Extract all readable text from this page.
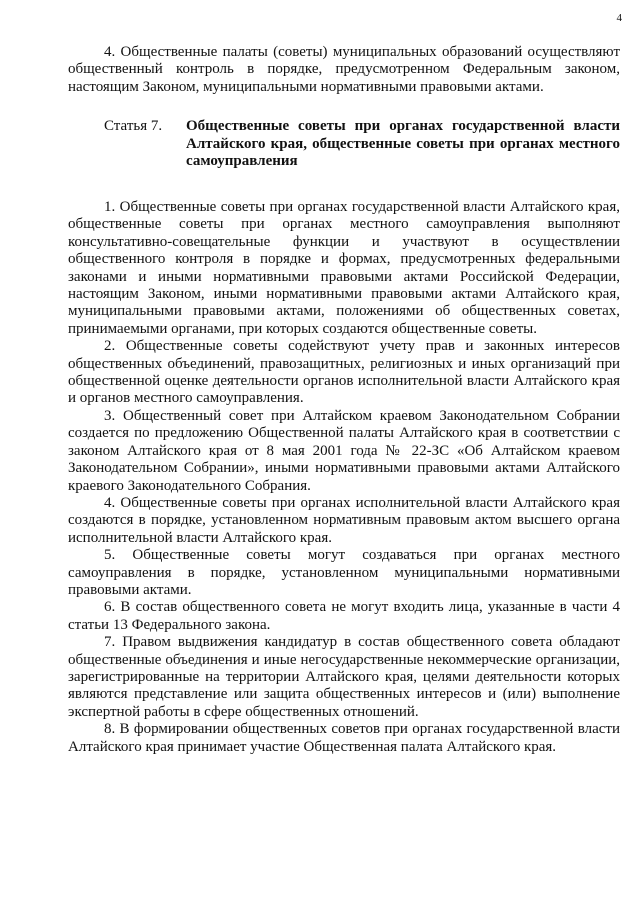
4

4. Общественные палаты (советы) муниципальных образований осуществляют общественный контроль в порядке, предусмотренном Федеральным законом, настоящим Законом, муниципальными нормативными правовыми актами.

Статья 7.	Общественные советы при органах государственной власти Алтайского края, общественные советы при органах местного самоуправления

1. Общественные советы при органах государственной власти Алтайского края, общественные советы при органах местного самоуправления выполняют консультативно-совещательные функции и участвуют в осуществлении общественного контроля в порядке и формах, предусмотренных федеральными законами и иными нормативными правовыми актами Российской Федерации, настоящим Законом, иными нормативными правовыми актами Алтайского края, муниципальными правовыми актами, положениями об общественных советах, принимаемыми органами, при которых создаются общественные советы.

2. Общественные советы содействуют учету прав и законных интересов общественных объединений, правозащитных, религиозных и иных организаций при общественной оценке деятельности органов исполнительной власти Алтайского края и органов местного самоуправления.

3. Общественный совет при Алтайском краевом Законодательном Собрании создается по предложению Общественной палаты Алтайского края в соответствии с законом Алтайского края от 8 мая 2001 года № 22-ЗС «Об Алтайском краевом Законодательном Собрании», иными нормативными правовыми актами Алтайского краевого Законодательного Собрания.

4. Общественные советы при органах исполнительной власти Алтайского края создаются в порядке, установленном нормативным правовым актом высшего органа исполнительной власти Алтайского края.

5. Общественные советы могут создаваться при органах местного самоуправления в порядке, установленном муниципальными нормативными правовыми актами.

6. В состав общественного совета не могут входить лица, указанные в части 4 статьи 13 Федерального закона.

7. Правом выдвижения кандидатур в состав общественного совета обладают общественные объединения и иные негосударственные некоммерческие организации, зарегистрированные на территории Алтайского края, целями деятельности которых являются представление или защита общественных интересов и (или) выполнение экспертной работы в сфере общественных отношений.

8. В формировании общественных советов при органах государственной власти Алтайского края принимает участие Общественная палата Алтайского края.
